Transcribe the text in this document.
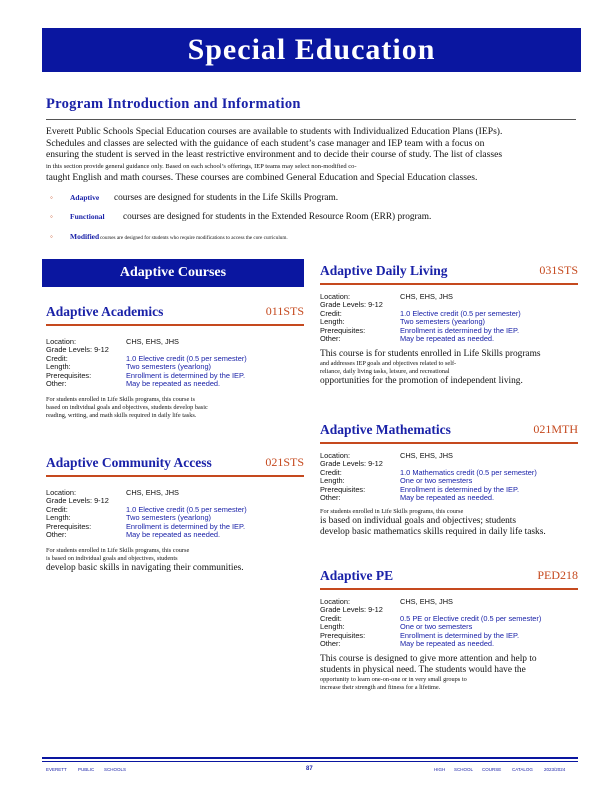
Special Education
Program Introduction and Information
Everett Public Schools Special Education courses are available to students with Individualized Education Plans (IEPs).
Schedules and classes are selected with the guidance of each student’s case manager and IEP team with a focus on
ensuring the student is served in the least restrictive environment and to decide their course of study. The list of classes
in this section provide general guidance only. Based on each school’s offerings, IEP teams may select non-modified co-
taught English and math courses. These courses are combined General Education and Special Education classes.
◦ Adaptive courses are designed for students in the Life Skills Program.
◦ Functional courses are designed for students in the Extended Resource Room (ERR) program.
◦ Modifiedcourses are designed for students who require modifications to access the core curriculum.
Adaptive Courses
Adaptive Academics	011STS
Location:	CHS, EHS, JHS
Grade Levels: 9-12
Credit:	1.0 Elective credit (0.5 per semester)
Length:	Two semesters (yearlong)
Prerequisites:	Enrollment is determined by the IEP.
Other:	May be repeated as needed.
For students enrolled in Life Skills programs, this course is
based on individual goals and objectives, students develop basic
reading, writing, and math skills required in daily life tasks.
Adaptive Community Access	021STS
Location:	CHS, EHS, JHS
Grade Levels: 9-12
Credit:	1.0 Elective credit (0.5 per semester)
Length:	Two semesters (yearlong)
Prerequisites:	Enrollment is determined by the IEP.
Other:	May be repeated as needed.
For students enrolled in Life Skills programs, this course
is based on individual goals and objectives, students
develop basic skills in navigating their communities.
Adaptive Daily Living	031STS
Location:	CHS, EHS, JHS
Grade Levels: 9-12
Credit:	1.0 Elective credit (0.5 per semester)
Length:	Two semesters (yearlong)
Prerequisites:	Enrollment is determined by the IEP.
Other:	May be repeated as needed.
This course is for students enrolled in Life Skills programs
and addresses IEP goals and objectives related to self-
reliance, daily living tasks, leisure, and recreational
opportunities for the promotion of independent living.
Adaptive Mathematics	021MTH
Location:	CHS, EHS, JHS
Grade Levels: 9-12
Credit:	1.0 Mathematics credit (0.5 per semester)
Length:	One or two semesters
Prerequisites:	Enrollment is determined by the IEP.
Other:	May be repeated as needed.
For students enrolled in Life Skills programs, this course
is based on individual goals and objectives; students
develop basic mathematics skills required in daily life tasks.
Adaptive PE	PED218
Location:	CHS, EHS, JHS
Grade Levels: 9-12
Credit:	0.5 PE or Elective credit (0.5 per semester)
Length:	One or two semesters
Prerequisites:	Enrollment is determined by the IEP.
Other:	May be repeated as needed.
This course is designed to give more attention and help to
students in physical need. The students would have the
opportunity to learn one-on-one or in very small groups to
increase their strength and fitness for a lifetime.
EVERETT PUBLIC SCHOOLS	87	HIGH SCHOOL COURSE CATALOG 2023/2024
